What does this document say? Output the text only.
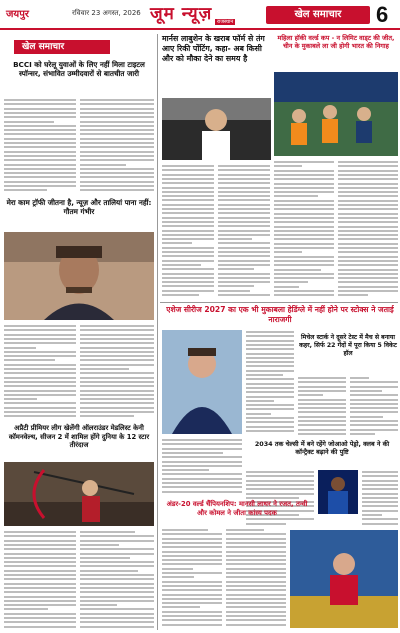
जयपुर	रविवार 23 अगस्त, 2026 जूम न्यूज़ राजस्थान
खेल समाचार	6
खेल समाचार
BCCI को घरेलू युवाओं के लिए नहीं मिला टाइटल स्पॉन्सर, संभावित उम्मीदवारों से बातचीत जारी
मेरा काम ट्रॉफी जीतना है, न्यूज़ और तालियां पाना नहीं: गौतम गंभीर
अप्रैटी प्रीमियर लीग खेलेंगी ऑलराउंडर मेडलिस्ट केनी कॉमनवेल्थ, सीजन 2 में शामिल होंगे दुनिया के 12 स्टार तीरंदाज
मार्नस लाबुशेन के खराब फॉर्म से तंग आए रिकी पोंटिंग, कहा- अब किसी और को मौका देने का समय है
महिला हॉकी वर्ल्ड कप - न लिमिट वाड्ट की जीत, चीन के मुकाबले ला जी होगी भारत की निगाह
एशेज सीरीज 2027 का एक भी मुकाबला हेडिंग्ले में नहीं होने पर स्टोक्स ने जताई नाराजगी
मिचेल स्टार्क ने दूसरे टेस्ट में मैच से बनाया कहर, सिर्फ 22 गेंदों में पूरा किया 5 विकेट हॉल
2034 तक चेल्सी में बने रहेंगे जोआओ पेड्रो, क्लब ने की कॉन्ट्रैक्ट बढ़ाने की पुष्टि
अंडर-20 वर्ल्ड चैंपियनशिप: मानसी लाथर ने रजत, तन्वी और कोमल ने जीता कांस्य पदक
